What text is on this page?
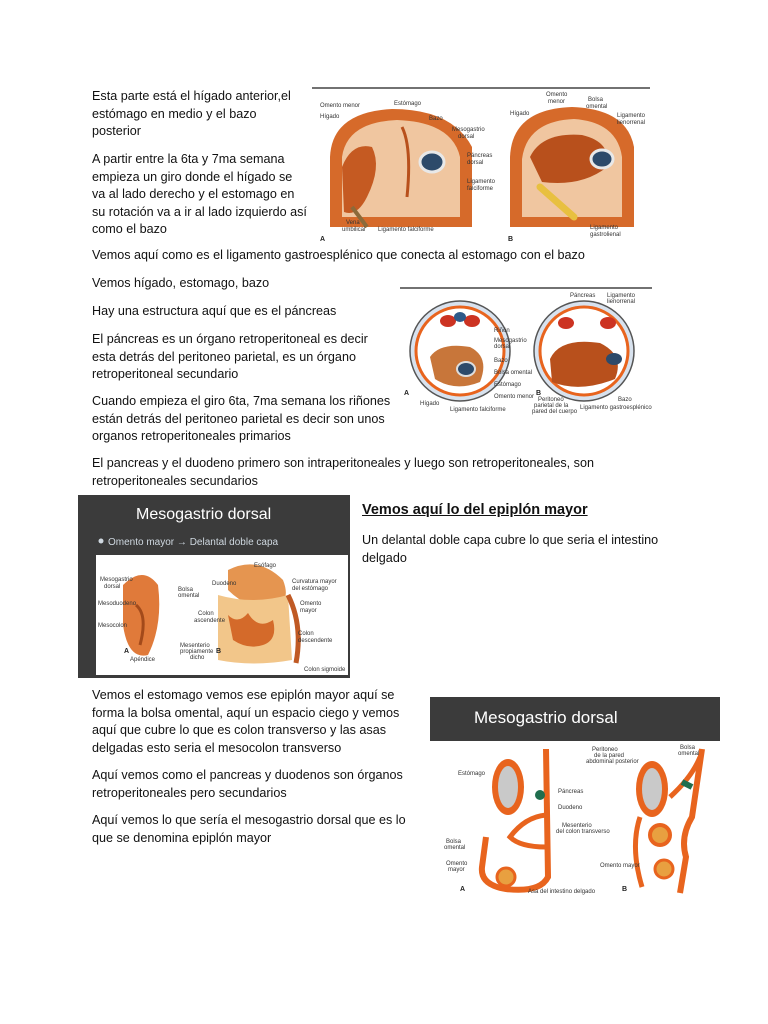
Esta parte está el hígado anterior,el estómago en medio y el bazo posterior

A partir entre la 6ta y 7ma semana empieza un giro donde el hígado se va al lado derecho y el estomago en su rotación va a ir al lado izquierdo así como el bazo

Vemos aquí como es el ligamento gastroesplénico que conecta al estomago con el bazo

Vemos hígado, estomago, bazo

Hay una estructura aquí que es el páncreas

El páncreas es un órgano retroperitoneal es decir esta detrás del peritoneo parietal, es un órgano retroperitoneal secundario

Cuando empieza el giro 6ta, 7ma semana los riñones están detrás del peritoneo parietal es decir son unos organos retroperitoneales primarios

El pancreas y el duodeno primero son intraperitoneales y luego son retroperitoneales, son retroperitoneales secundarios

Vemos aquí lo del epiplón mayor

Un delantal doble capa cubre lo que seria el intestino delgado

Vemos el estomago vemos ese epiplón mayor aquí se forma la bolsa omental, aquí un espacio ciego y vemos aquí que cubre lo que es colon transverso y las asas delgadas esto seria el mesocolon transverso

Aquí vemos como el pancreas y duodenos son órganos retroperitoneales pero secundarios

Aquí vemos lo que sería el mesogastrio dorsal que es lo que se denomina epiplón mayor

Omento menor	Estómago
Hígado	Bazo
Mesogastrio
dorsal
Páncreas
dorsal
Ligamento
falciforme
Vena
umbilical Ligamento falciforme
A
Omento
menor	Bolsa
omental
Hígado	Ligamento
lienorrenal
Ligamento
gastrolienal
B
Páncreas Ligamento
lienorrenal
Riñón
Mesogastrio
dorsal
Bazo
Bolsa omental
Estómago
Omento menor
Hígado
Ligamento falciforme
Peritoneo
parietal de la
pared del cuerpo
Bazo
Ligamento gastroesplénico
A	B
Mesogastrio dorsal
Omento mayor → Delantal doble capa
Esófago
Mesogastrio
dorsal	Bolsa
omental
Duodeno	Curvatura mayor
del estómago
Mesoduodeno	Omento
mayor
Colon
ascendente
Mesocolon
Colon
descendente
Mesenterio
propiamente
dicho
Apéndice
Colon sigmoide
A	B
Mesogastrio dorsal
Peritoneo
de la pared
abdominal posterior
Bolsa
omental
Estómago
Páncreas
Duodeno
Mesenterio
del colon transverso
Bolsa
omental
Omento
mayor
Omento mayor
Asa del intestino delgado
A	B
